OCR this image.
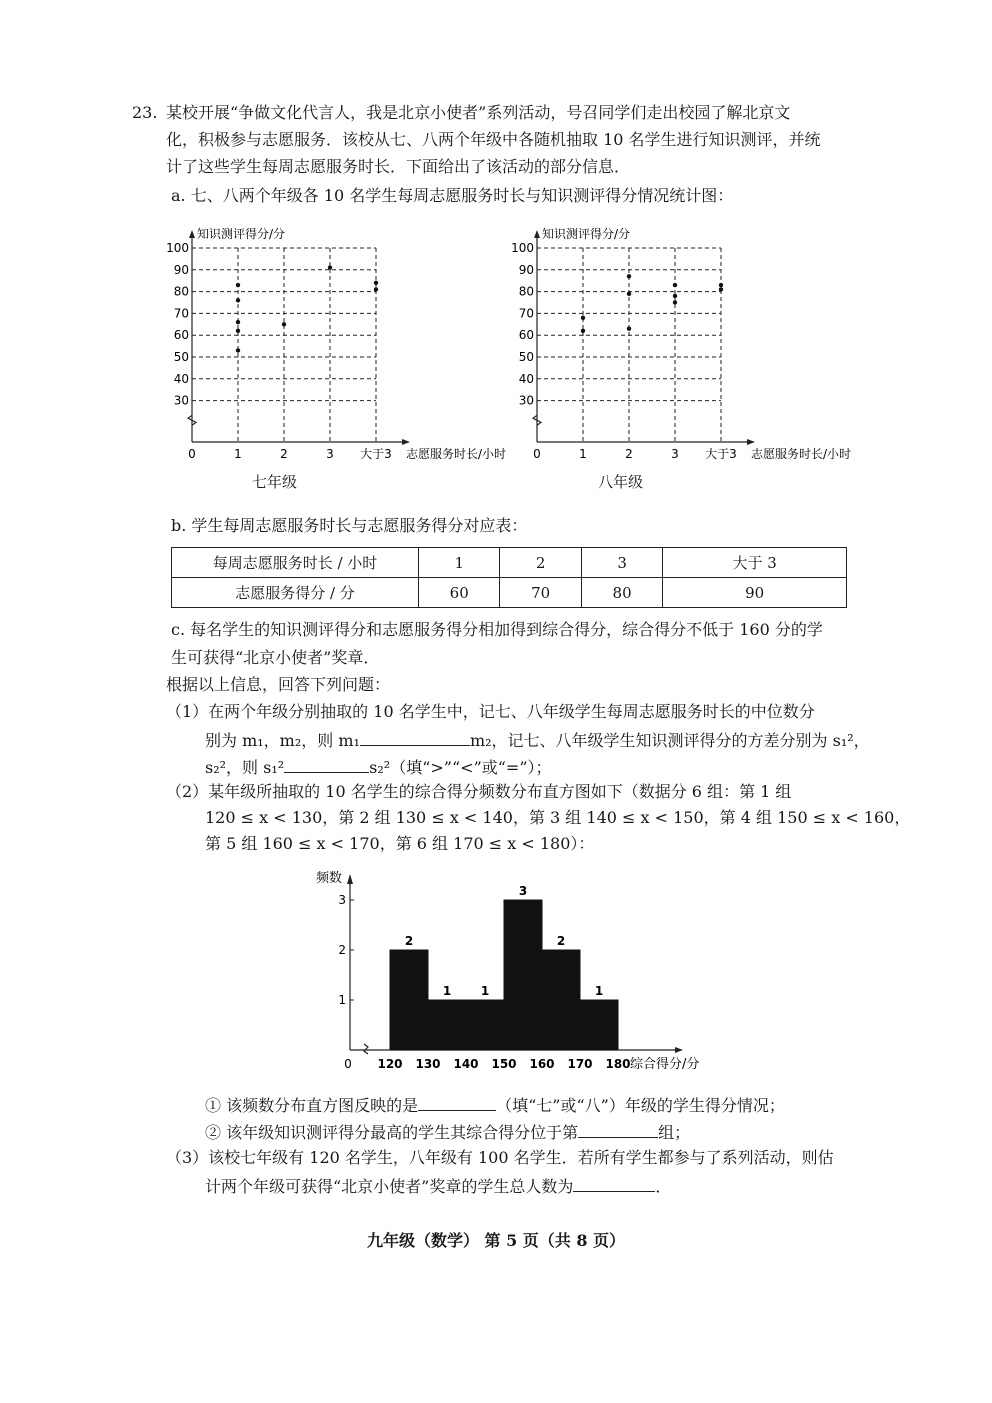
23. 某校开展“争做文化代言人，我是北京小使者”系列活动，号召同学们走出校园了解北京文
化，积极参与志愿服务．该校从七、八两个年级中各随机抽取 10 名学生进行知识测评，并统
计了这些学生每周志愿服务时长．下面给出了该活动的部分信息．
a. 七、八两个年级各 10 名学生每周志愿服务时长与知识测评得分情况统计图：
30
40
50
60
70
80
90
100
知识测评得分/分
0	1	2	3 大于3 志愿服务时长/小时
七年级
30
40
50
60
70
80
90
100
知识测评得分/分
0	1	2	3 大于3 志愿服务时长/小时
八年级
b. 学生每周志愿服务时长与志愿服务得分对应表：
每周志愿服务时长 / 小时	1	2	3	大于 3
志愿服务得分 / 分	60	70	80	90
c. 每名学生的知识测评得分和志愿服务得分相加得到综合得分，综合得分不低于 160 分的学
生可获得“北京小使者”奖章．
根据以上信息，回答下列问题：
（1）在两个年级分别抽取的 10 名学生中，记七、八年级学生每周志愿服务时长的中位数分
别为 m₁，m₂，则 m₁	m₂，记七、八年级学生知识测评得分的方差分别为 s₁²，
s₂²，则 s₁²	s₂²（填“>”“<”或“=”）；
（2）某年级所抽取的 10 名学生的综合得分频数分布直方图如下（数据分 6 组：第 1 组
120 ≤ x < 130，第 2 组 130 ≤ x < 140，第 3 组 140 ≤ x < 150，第 4 组 150 ≤ x < 160，
第 5 组 160 ≤ x < 170，第 6 组 170 ≤ x < 180）：
频数
0
1
2
3
2
1 1
3
2
1
120 130 140 150 160 170 180 综合得分/分
① 该频数分布直方图反映的是	（填“七”或“八”）年级的学生得分情况；
② 该年级知识测评得分最高的学生其综合得分位于第	组；
（3）该校七年级有 120 名学生，八年级有 100 名学生．若所有学生都参与了系列活动，则估
计两个年级可获得“北京小使者”奖章的学生总人数为	．
九年级（数学） 第 5 页（共 8 页）
